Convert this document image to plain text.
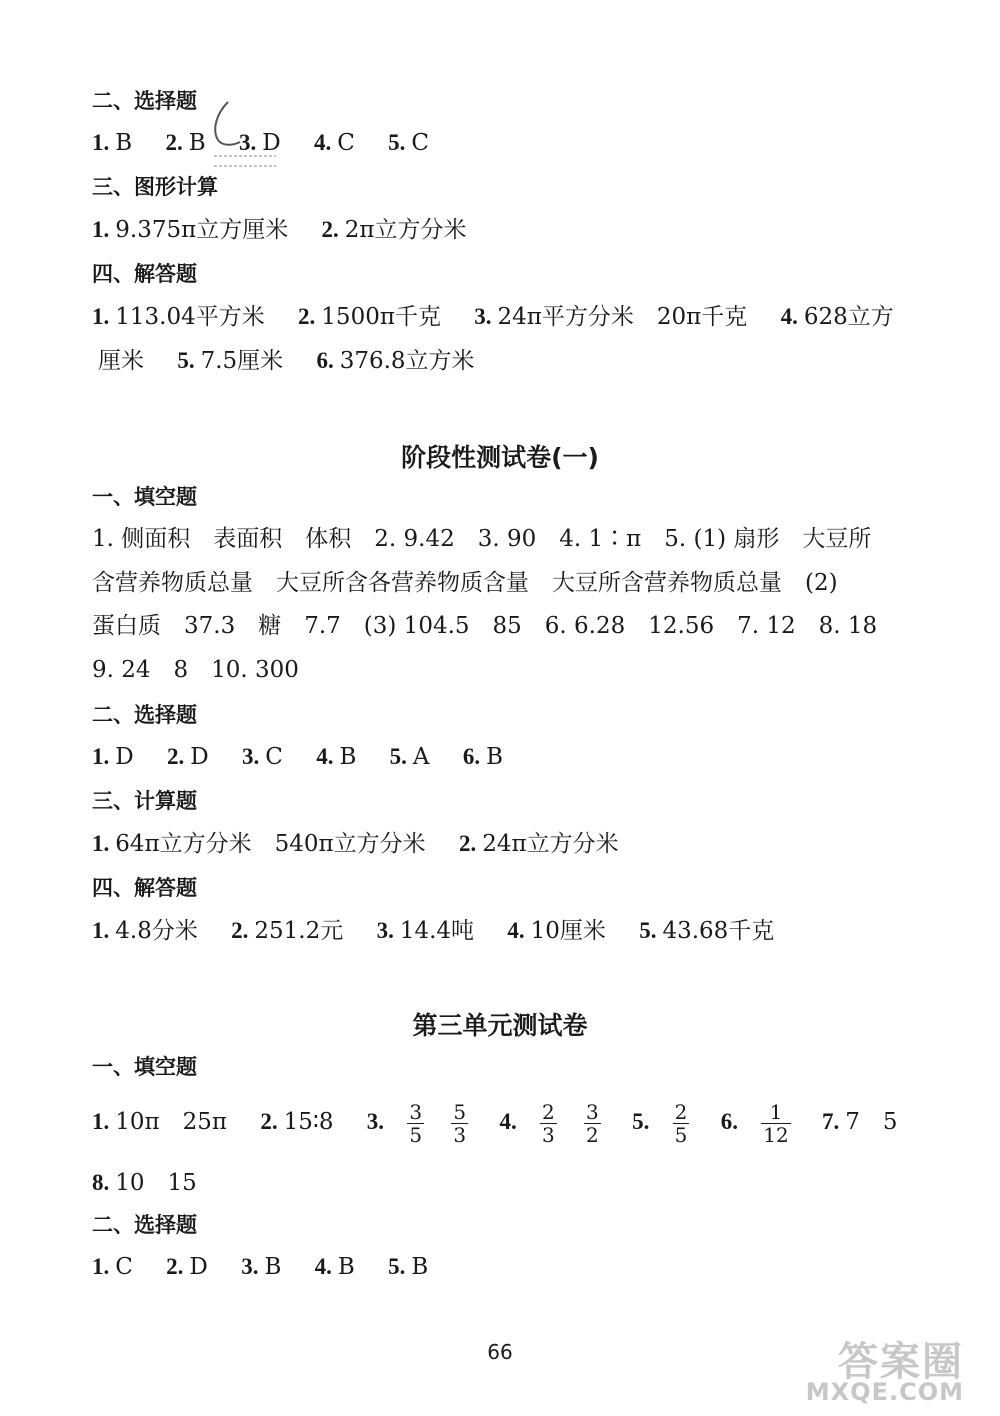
二、选择题
1. B 2. B 3. D 4. C 5. C
三、图形计算
1. 9.375π立方厘米 2. 2π立方分米
四、解答题
1. 113.04平方米 2. 1500π千克 3. 24π平方分米　20π千克 4. 628立方
厘米 5. 7.5厘米 6. 376.8立方米
阶段性测试卷(一)
一、填空题
1. 侧面积　表面积　体积　2. 9.42　3. 90　4. 1∶π　5. (1) 扇形　大豆所
含营养物质总量　大豆所含各营养物质含量　大豆所含营养物质总量　(2)
蛋白质　37.3　糖　7.7　(3) 104.5　85　6. 6.28　12.56　7. 12　8. 18
9. 24　8　10. 300
二、选择题
1. D 2. D 3. C 4. B 5. A 6. B
三、计算题
1. 64π立方分米　540π立方分米 2. 24π立方分米
四、解答题
1. 4.8分米 2. 251.2元 3. 14.4吨 4. 10厘米 5. 43.68千克
第三单元测试卷
一、填空题
1. 10π　25π 2. 15∶8 3. $\frac{3}{5}$
$\frac{5}{3} 4$. $\frac{2}{3}$
$\frac{3}{2} 5$. $\frac{2}{5} 6$. $\frac{1}{12} 7$. 7　5
8. 10　15
二、选择题
1. C 2. D 3. B 4. B 5. B
66	答案圈
MXQE.COM
